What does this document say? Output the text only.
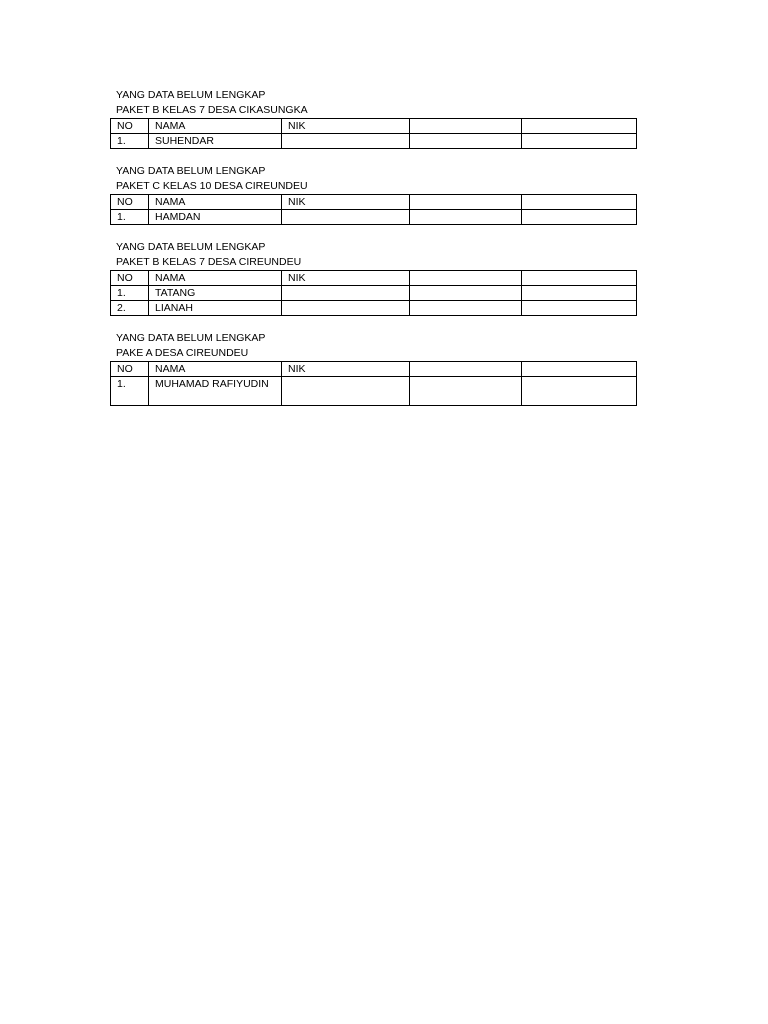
YANG DATA BELUM LENGKAP

PAKET B KELAS 7 DESA CIKASUNGKA

NO	NAMA	NIK		
1.	SUHENDAR			

YANG DATA BELUM LENGKAP

PAKET C KELAS 10 DESA CIREUNDEU

NO	NAMA	NIK		
1.	HAMDAN			

YANG DATA BELUM LENGKAP

PAKET B KELAS 7 DESA CIREUNDEU

NO	NAMA	NIK		
1.	TATANG			
2.	LIANAH			

YANG DATA BELUM LENGKAP

PAKE A DESA CIREUNDEU

NO	NAMA	NIK		
1.	MUHAMAD RAFIYUDIN			
